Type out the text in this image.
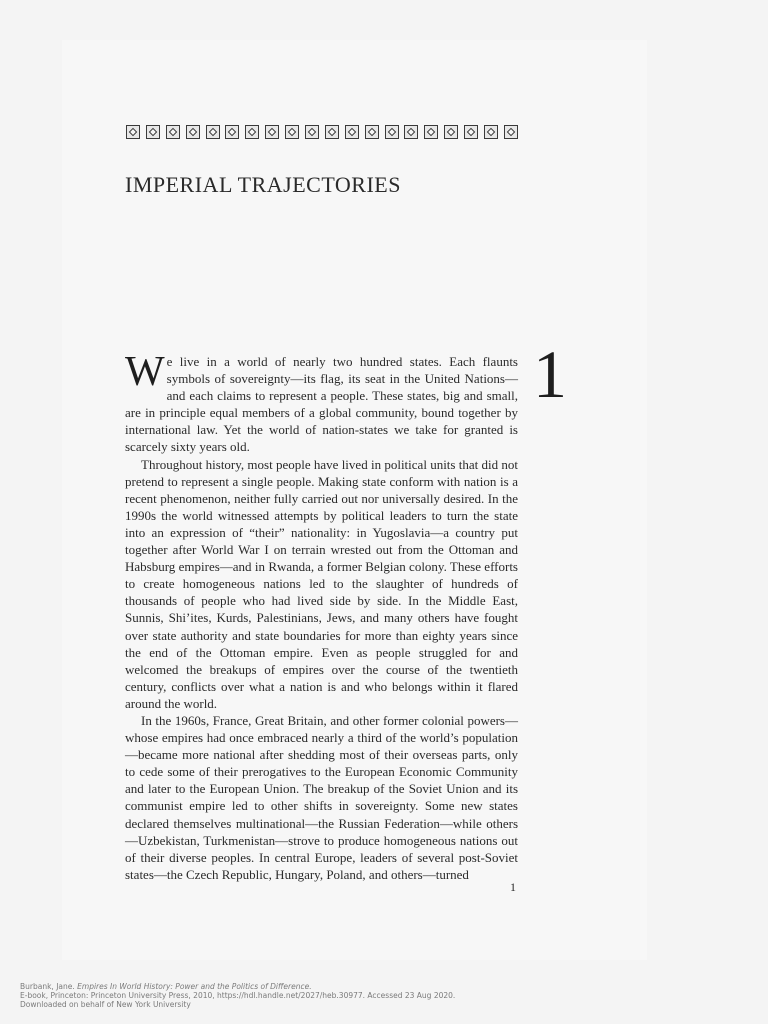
IMPERIAL TRAJECTORIES
1

We live in a world of nearly two hundred states. Each flaunts symbols of sovereignty—its flag, its seat in the United Nations—and each claims to represent a people. These states, big and small, are in principle equal members of a global community, bound together by international law. Yet the world of nation-states we take for granted is scarcely sixty years old.

Throughout history, most people have lived in political units that did not pretend to represent a single people. Making state conform with nation is a recent phenomenon, neither fully carried out nor universally desired. In the 1990s the world witnessed attempts by political leaders to turn the state into an expression of “their” nationality: in Yugoslavia—a country put together after World War I on terrain wrested out from the Ottoman and Habsburg empires—and in Rwanda, a former Belgian colony. These efforts to create homogeneous nations led to the slaughter of hundreds of thousands of people who had lived side by side. In the Middle East, Sunnis, Shi’ites, Kurds, Palestinians, Jews, and many others have fought over state authority and state boundaries for more than eighty years since the end of the Ottoman empire. Even as people struggled for and welcomed the breakups of empires over the course of the twentieth century, conflicts over what a nation is and who belongs within it flared around the world.

In the 1960s, France, Great Britain, and other former colonial powers—whose empires had once embraced nearly a third of the world’s population—became more national after shedding most of their overseas parts, only to cede some of their prerogatives to the European Economic Community and later to the European Union. The breakup of the Soviet Union and its communist empire led to other shifts in sovereignty. Some new states declared themselves multinational—the Russian Federation—while others—Uzbekistan, Turkmenistan—strove to produce homogeneous nations out of their diverse peoples. In central Europe, leaders of several post-Soviet states—the Czech Republic, Hungary, Poland, and others—turned

1
Burbank, Jane. Empires In World History: Power and the Politics of Difference.
E-book, Princeton: Princeton University Press, 2010, https://hdl.handle.net/2027/heb.30977. Accessed 23 Aug 2020.
Downloaded on behalf of New York University
